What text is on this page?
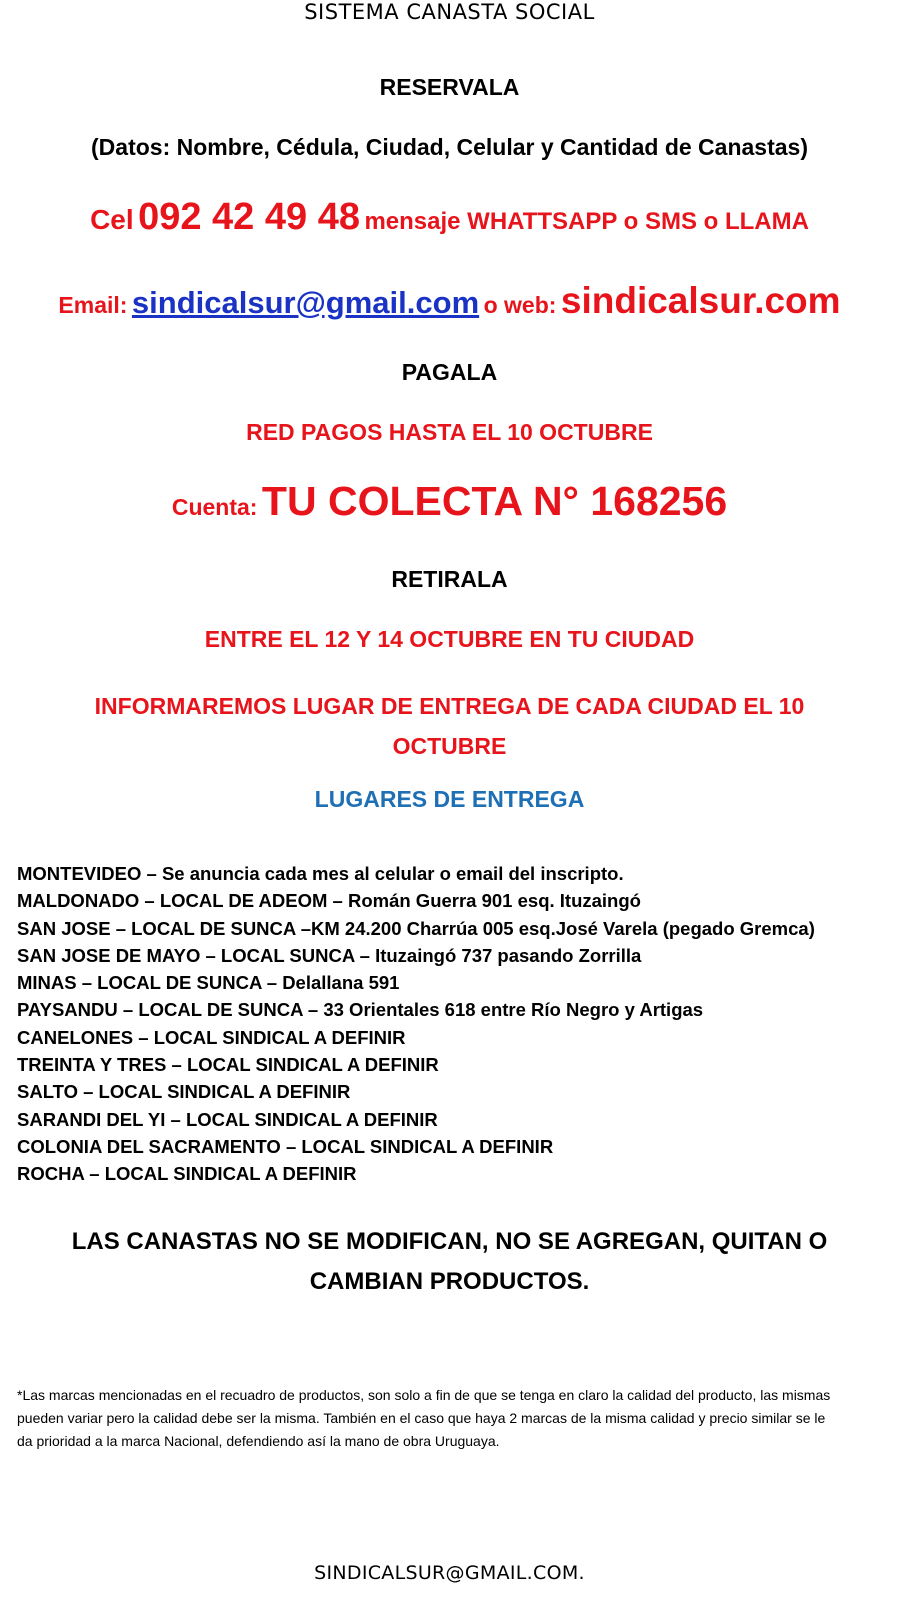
SISTEMA CANASTA SOCIAL
RESERVALA
(Datos: Nombre, Cédula, Ciudad, Celular y Cantidad de Canastas)
Cel 092 42 49 48 mensaje WHATTSAPP o SMS o LLAMA
Email: sindicalsur@gmail.com o web: sindicalsur.com
PAGALA
RED PAGOS HASTA EL 10 OCTUBRE
Cuenta: TU COLECTA N° 168256
RETIRALA
ENTRE EL 12 Y 14 OCTUBRE EN TU CIUDAD
INFORMAREMOS LUGAR DE ENTREGA DE CADA CIUDAD EL 10
OCTUBRE
LUGARES DE ENTREGA
MONTEVIDEO – Se anuncia cada mes al celular o email del inscripto.
MALDONADO – LOCAL DE ADEOM – Román Guerra 901 esq. Ituzaingó
SAN JOSE – LOCAL DE SUNCA –KM 24.200 Charrúa 005 esq.José Varela (pegado Gremca)
SAN JOSE DE MAYO – LOCAL SUNCA – Ituzaingó 737 pasando Zorrilla
MINAS – LOCAL DE SUNCA – Delallana 591
PAYSANDU – LOCAL DE SUNCA – 33 Orientales 618 entre Río Negro y Artigas
CANELONES – LOCAL SINDICAL A DEFINIR
TREINTA Y TRES – LOCAL SINDICAL A DEFINIR
SALTO – LOCAL SINDICAL A DEFINIR
SARANDI DEL YI – LOCAL SINDICAL A DEFINIR
COLONIA DEL SACRAMENTO – LOCAL SINDICAL A DEFINIR
ROCHA – LOCAL SINDICAL A DEFINIR
LAS CANASTAS NO SE MODIFICAN, NO SE AGREGAN, QUITAN O
CAMBIAN PRODUCTOS.
*Las marcas mencionadas en el recuadro de productos, son solo a fin de que se tenga en claro la calidad del producto, las mismas
pueden variar pero la calidad debe ser la misma. También en el caso que haya 2 marcas de la misma calidad y precio similar se le
da prioridad a la marca Nacional, defendiendo así la mano de obra Uruguaya.
SINDICALSUR@GMAIL.COM.
